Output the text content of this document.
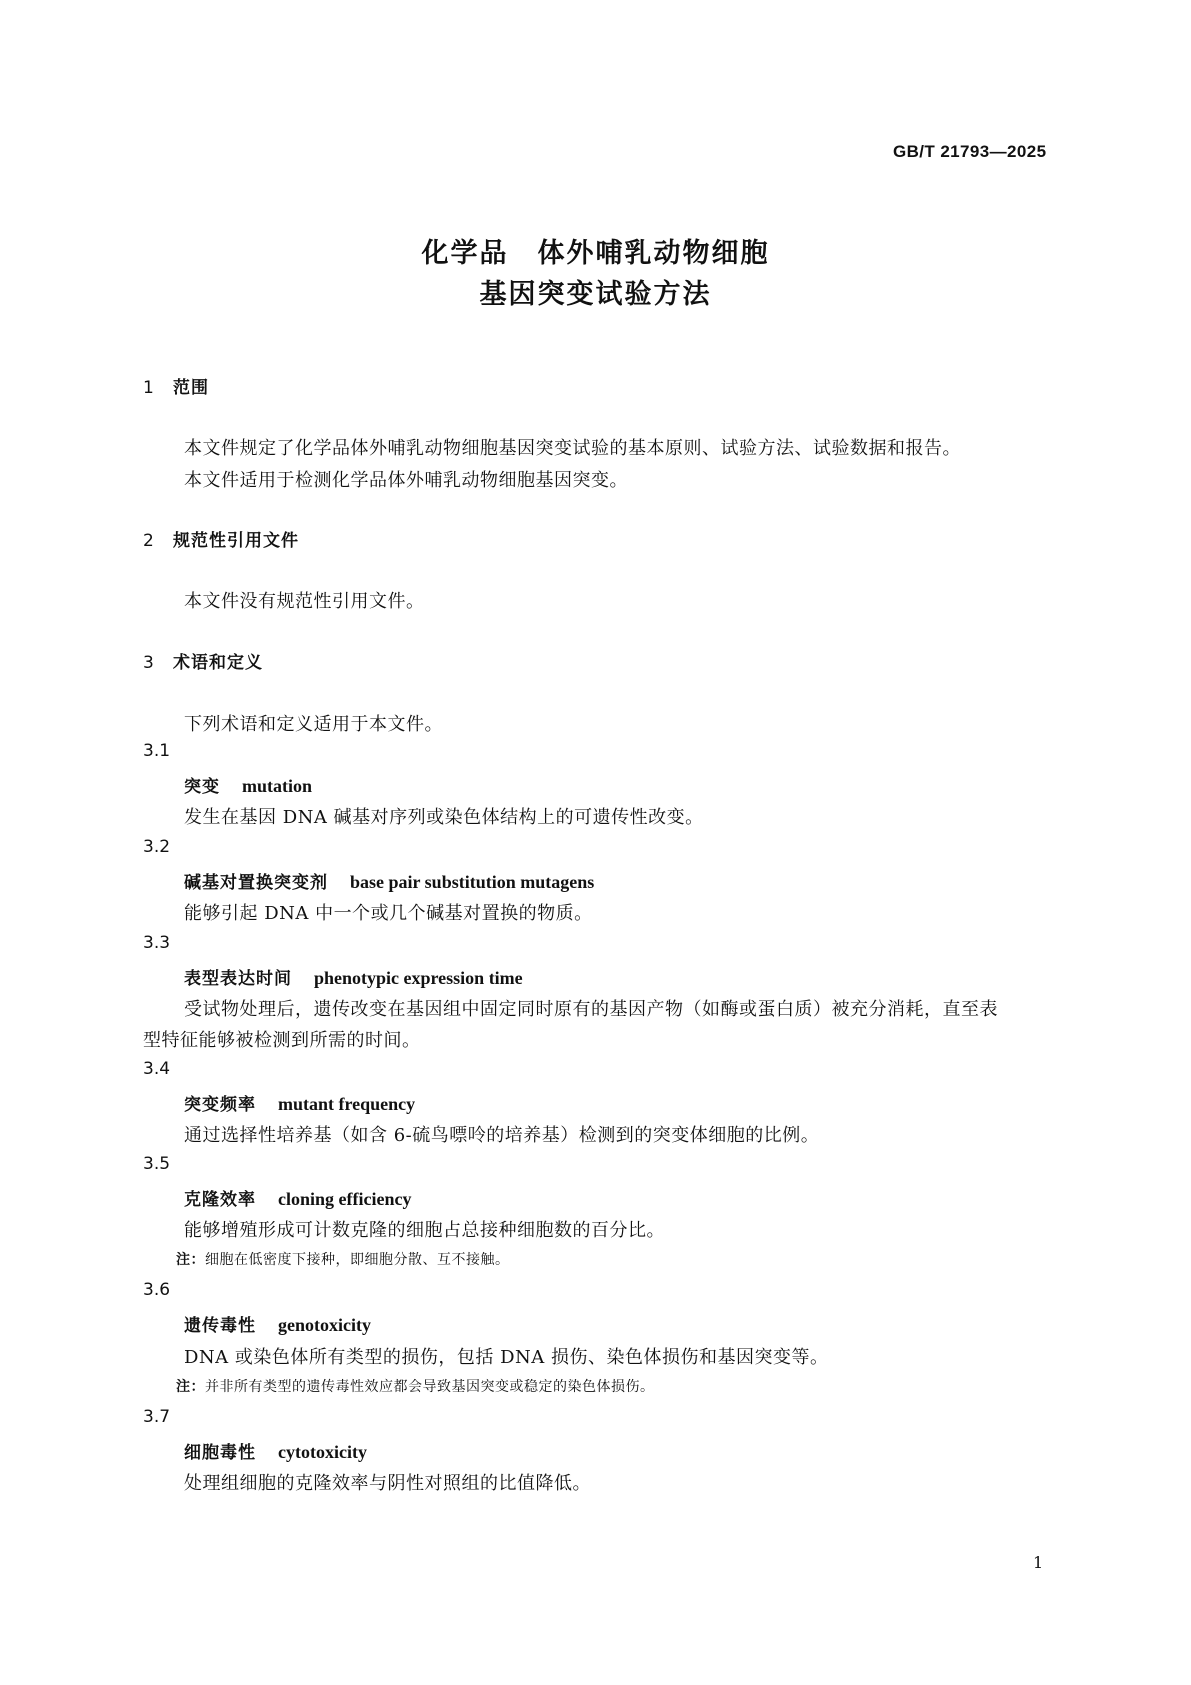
GB/T 21793—2025
化学品　体外哺乳动物细胞
基因突变试验方法
1 范围
本文件规定了化学品体外哺乳动物细胞基因突变试验的基本原则、试验方法、试验数据和报告。
本文件适用于检测化学品体外哺乳动物细胞基因突变。
2 规范性引用文件
本文件没有规范性引用文件。
3 术语和定义
下列术语和定义适用于本文件。
3.1
突变 mutation
发生在基因 DNA 碱基对序列或染色体结构上的可遗传性改变。
3.2
碱基对置换突变剂 base pair substitution mutagens
能够引起 DNA 中一个或几个碱基对置换的物质。
3.3
表型表达时间 phenotypic expression time
受试物处理后，遗传改变在基因组中固定同时原有的基因产物（如酶或蛋白质）被充分消耗，直至表
型特征能够被检测到所需的时间。
3.4
突变频率 mutant frequency
通过选择性培养基（如含 6-硫鸟嘌呤的培养基）检测到的突变体细胞的比例。
3.5
克隆效率 cloning efficiency
能够增殖形成可计数克隆的细胞占总接种细胞数的百分比。
注：细胞在低密度下接种，即细胞分散、互不接触。
3.6
遗传毒性 genotoxicity
DNA 或染色体所有类型的损伤，包括 DNA 损伤、染色体损伤和基因突变等。
注：并非所有类型的遗传毒性效应都会导致基因突变或稳定的染色体损伤。
3.7
细胞毒性 cytotoxicity
处理组细胞的克隆效率与阴性对照组的比值降低。
1
